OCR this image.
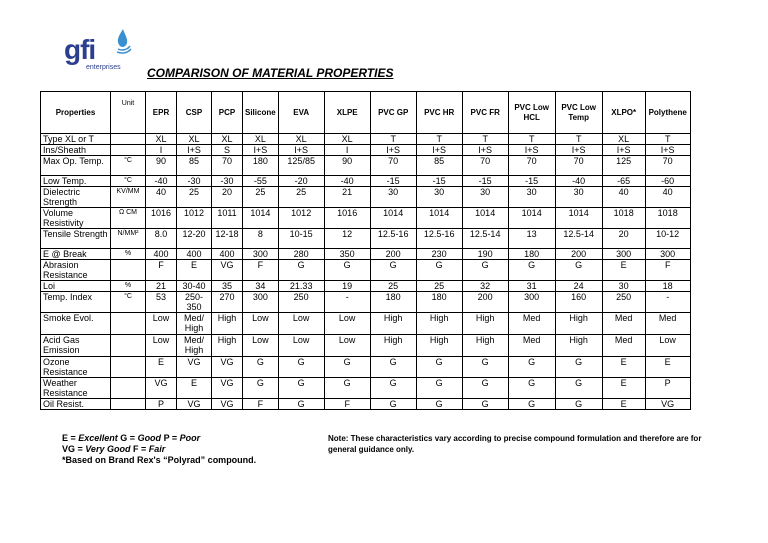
gfi
enterprises COMPARISON OF MATERIAL PROPERTIES
Properties	Unit	EPR	CSP	PCP	Silicone	EVA	XLPE	PVC GP	PVC HR	PVC FR	PVC Low HCL	PVC Low Temp	XLPO*	Polythene
Type XL or T		XL	XL	XL	XL	XL	XL	T	T	T	T	T	XL	T
Ins/Sheath		I	I+S	S	I+S	I+S	I	I+S	I+S	I+S	I+S	I+S	I+S	I+S
Max Op. Temp.	°C	90	85	70	180	125/85	90	70	85	70	70	70	125	70
Low Temp.	°C	-40	-30	-30	-55	-20	-40	-15	-15	-15	-15	-40	-65	-60
Dielectric Strength	KV/MM	40	25	20	25	25	21	30	30	30	30	30	40	40
Volume Resistivity	Ω CM	1016	1012	1011	1014	1012	1016	1014	1014	1014	1014	1014	1018	1018
Tensile Strength	N/MM²	8.0	12-20	12-18	8	10-15	12	12.5-16	12.5-16	12.5-14	13	12.5-14	20	10-12
E @ Break	%	400	400	400	300	280	350	200	230	190	180	200	300	300
Abrasion Resistance		F	E	VG	F	G	G	G	G	G	G	G	E	F
Loi	%	21	30-40	35	34	21.33	19	25	25	32	31	24	30	18
Temp. Index	°C	53	250-350	270	300	250	-	180	180	200	300	160	250	-
Smoke Evol.		Low	Med/ High	High	Low	Low	Low	High	High	High	Med	High	Med	Med
Acid Gas Emission		Low	Med/ High	High	Low	Low	Low	High	High	High	Med	High	Med	Low
Ozone Resistance		E	VG	VG	G	G	G	G	G	G	G	G	E	E
Weather Resistance		VG	E	VG	G	G	G	G	G	G	G	G	E	P
Oil Resist.		P	VG	VG	F	G	F	G	G	G	G	G	E	VG
E = Excellent G = Good P = Poor
VG = Very Good F = Fair
*Based on Brand Rex's “Polyrad” compound.
Note: These characteristics vary according to precise compound formulation and therefore are for general guidance only.
